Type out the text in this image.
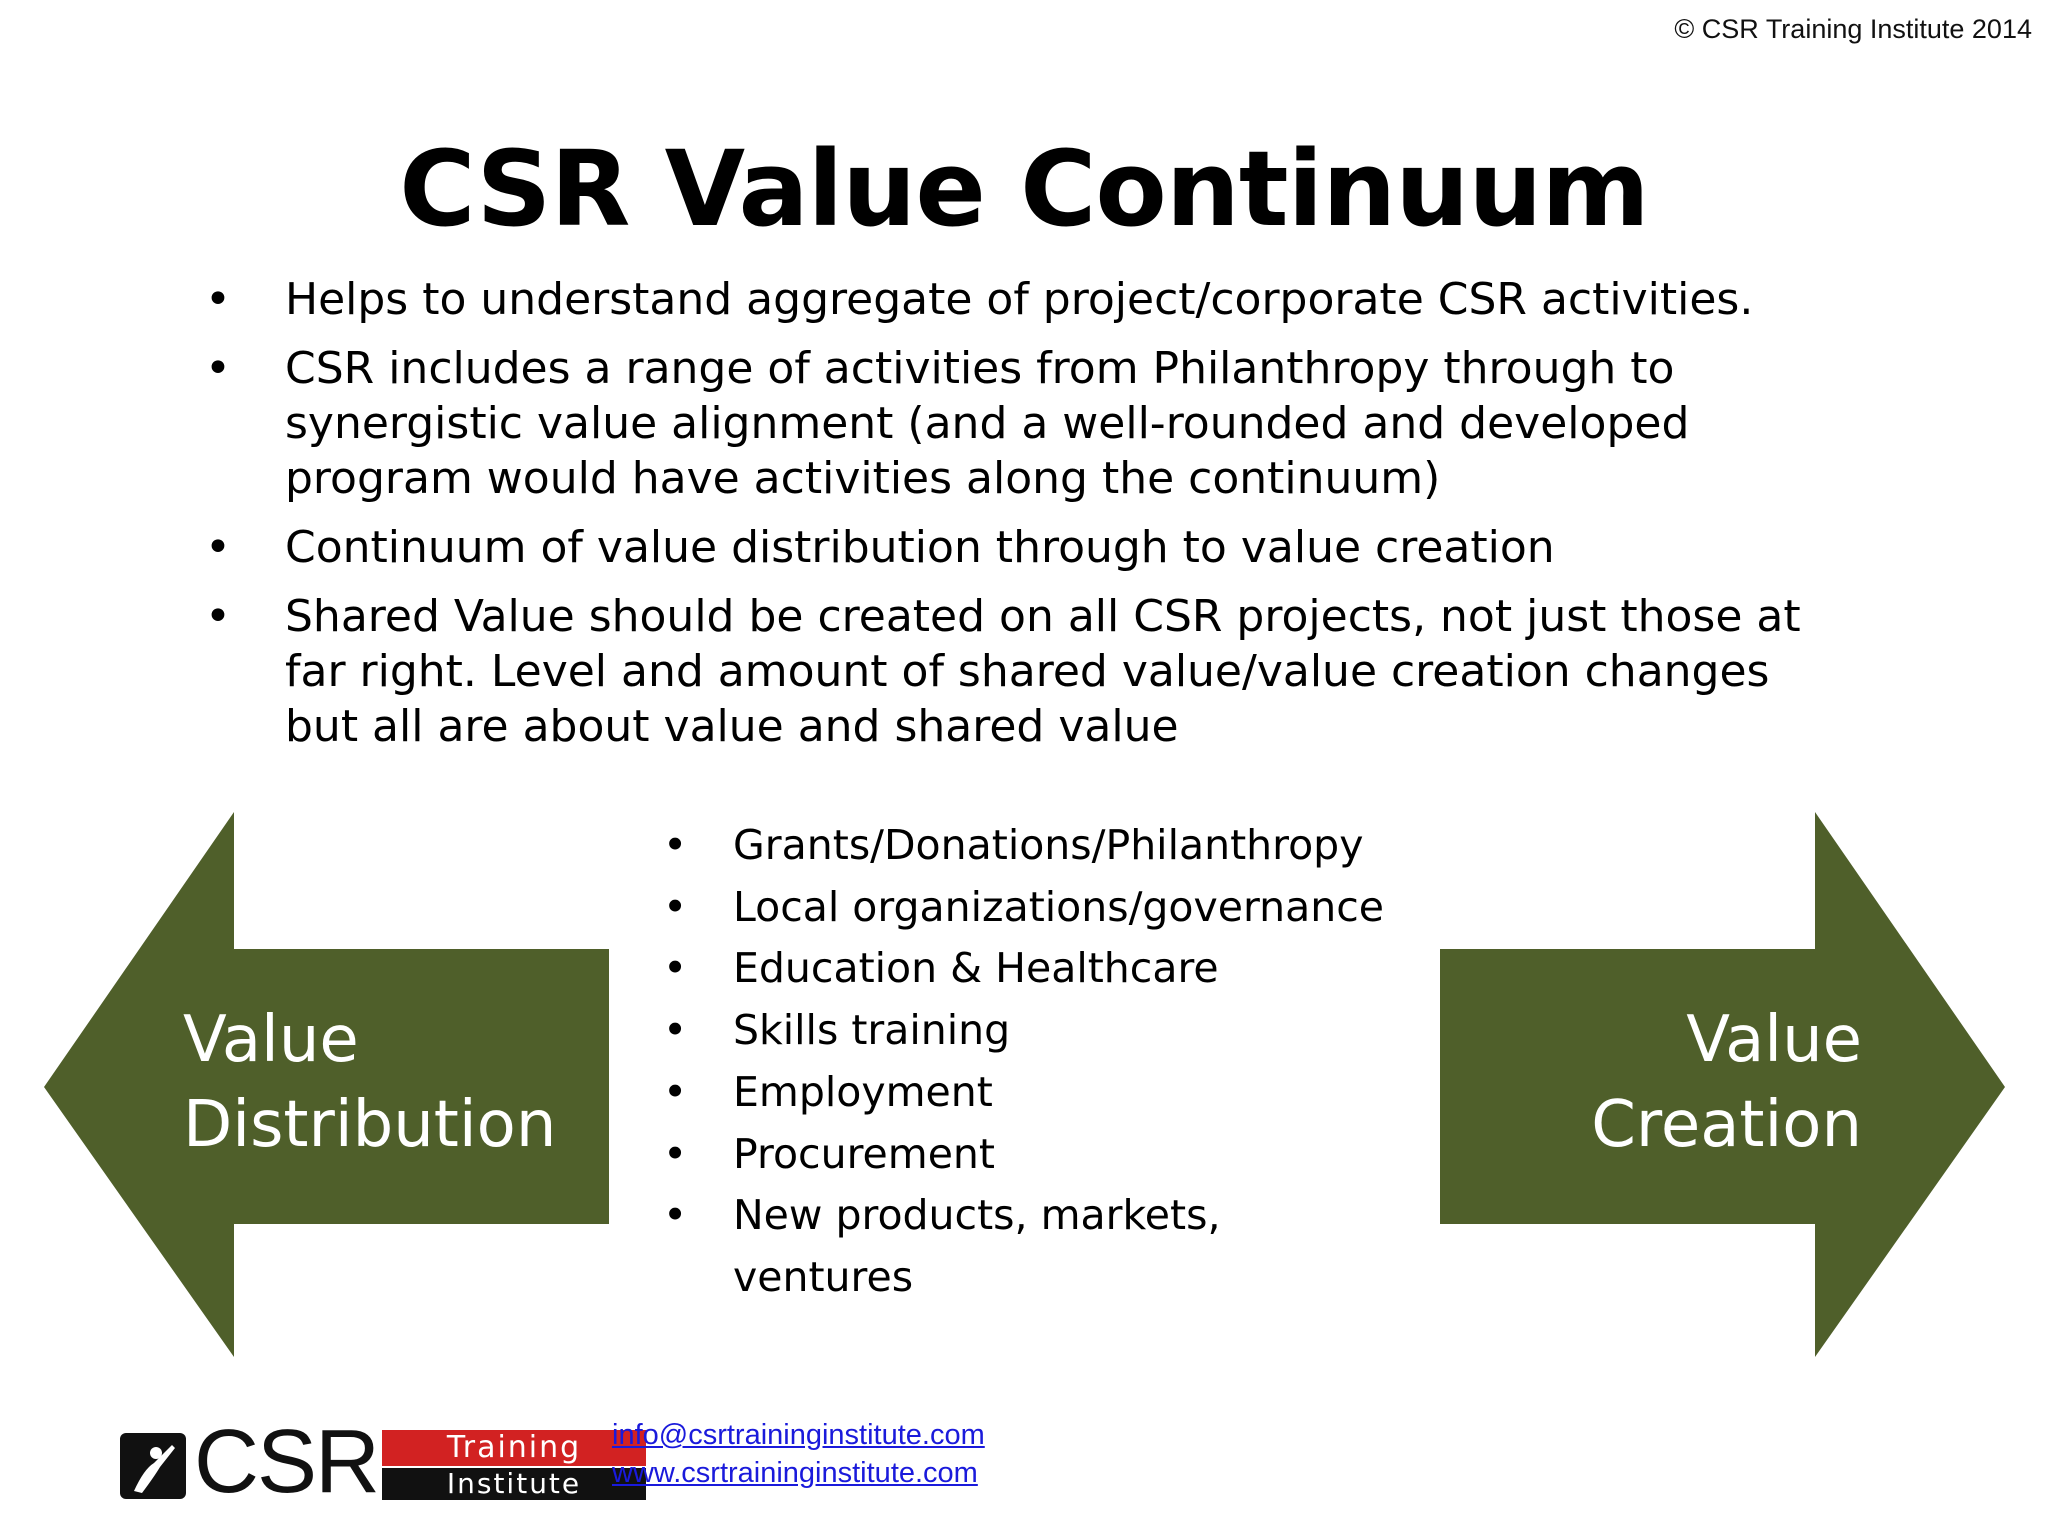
© CSR Training Institute 2014
CSR Value Continuum
• Helps to understand aggregate of project/corporate CSR activities.
• CSR includes a range of activities from Philanthropy through to synergistic value alignment (and a well-rounded and developed program would have activities along the continuum)
• Continuum of value distribution through to value creation
• Shared Value should be created on all CSR projects, not just those at far right. Level and amount of shared value/value creation changes but all are about value and shared value
Value
Distribution
Value
Creation
• Grants/Donations/Philanthropy
• Local organizations/governance
• Education & Healthcare
• Skills training
• Employment
• Procurement
• New products, markets, ventures
CSR	Training
Institute
info@csrtraininginstitute.com
www.csrtraininginstitute.com
